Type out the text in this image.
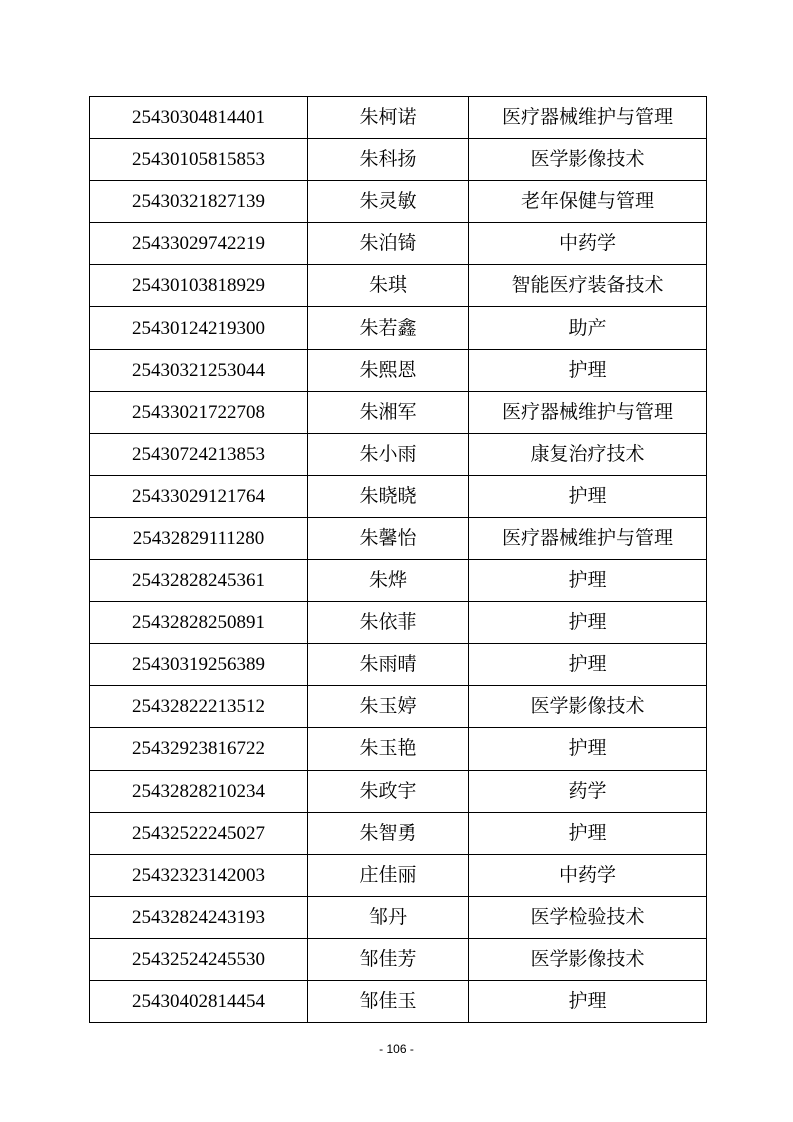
25430304814401	朱柯诺	医疗器械维护与管理
25430105815853	朱科扬	医学影像技术
25430321827139	朱灵敏	老年保健与管理
25433029742219	朱泊锜	中药学
25430103818929	朱琪	智能医疗装备技术
25430124219300	朱若鑫	助产
25430321253044	朱熙恩	护理
25433021722708	朱湘军	医疗器械维护与管理
25430724213853	朱小雨	康复治疗技术
25433029121764	朱晓晓	护理
25432829111280	朱馨怡	医疗器械维护与管理
25432828245361	朱烨	护理
25432828250891	朱依菲	护理
25430319256389	朱雨晴	护理
25432822213512	朱玉婷	医学影像技术
25432923816722	朱玉艳	护理
25432828210234	朱政宇	药学
25432522245027	朱智勇	护理
25432323142003	庄佳丽	中药学
25432824243193	邹丹	医学检验技术
25432524245530	邹佳芳	医学影像技术
25430402814454	邹佳玉	护理
- 106 -
